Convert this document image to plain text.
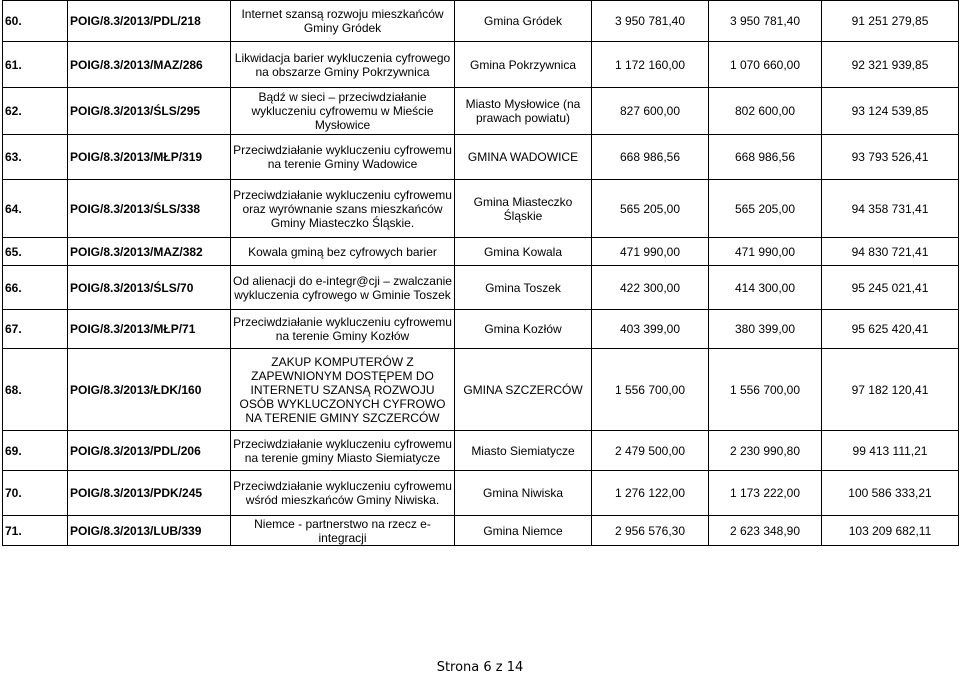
60.	POIG/8.3/2013/PDL/218	Internet szansą rozwoju mieszkańców Gminy Gródek	Gmina Gródek	3 950 781,40	3 950 781,40	91 251 279,85
61.	POIG/8.3/2013/MAZ/286	Likwidacja barier wykluczenia cyfrowego na obszarze Gminy Pokrzywnica	Gmina Pokrzywnica	1 172 160,00	1 070 660,00	92 321 939,85
62.	POIG/8.3/2013/ŚLS/295	Bądź w sieci – przeciwdziałanie wykluczeniu cyfrowemu w Mieście Mysłowice	Miasto Mysłowice (na prawach powiatu)	827 600,00	802 600,00	93 124 539,85
63.	POIG/8.3/2013/MŁP/319	Przeciwdziałanie wykluczeniu cyfrowemu na terenie Gminy Wadowice	GMINA WADOWICE	668 986,56	668 986,56	93 793 526,41
64.	POIG/8.3/2013/ŚLS/338	Przeciwdziałanie wykluczeniu cyfrowemu oraz wyrównanie szans mieszkańców Gminy Miasteczko Śląskie.	Gmina Miasteczko Śląskie	565 205,00	565 205,00	94 358 731,41
65.	POIG/8.3/2013/MAZ/382	Kowala gminą bez cyfrowych barier	Gmina Kowala	471 990,00	471 990,00	94 830 721,41
66.	POIG/8.3/2013/ŚLS/70	Od alienacji do e-integr@cji – zwalczanie wykluczenia cyfrowego w Gminie Toszek	Gmina Toszek	422 300,00	414 300,00	95 245 021,41
67.	POIG/8.3/2013/MŁP/71	Przeciwdziałanie wykluczeniu cyfrowemu na terenie Gminy Kozłów	Gmina Kozłów	403 399,00	380 399,00	95 625 420,41
68.	POIG/8.3/2013/ŁDK/160	ZAKUP KOMPUTERÓW Z ZAPEWNIONYM DOSTĘPEM DO INTERNETU SZANSĄ ROZWOJU OSÓB WYKLUCZONYCH CYFROWO NA TERENIE GMINY SZCZERCÓW	GMINA SZCZERCÓW	1 556 700,00	1 556 700,00	97 182 120,41
69.	POIG/8.3/2013/PDL/206	Przeciwdziałanie wykluczeniu cyfrowemu na terenie gminy Miasto Siemiatycze	Miasto Siemiatycze	2 479 500,00	2 230 990,80	99 413 111,21
70.	POIG/8.3/2013/PDK/245	Przeciwdziałanie wykluczeniu cyfrowemu wśród mieszkańców Gminy Niwiska.	Gmina Niwiska	1 276 122,00	1 173 222,00	100 586 333,21
71.	POIG/8.3/2013/LUB/339	Niemce - partnerstwo na rzecz e-integracji	Gmina Niemce	2 956 576,30	2 623 348,90	103 209 682,11
Strona 6 z 14
